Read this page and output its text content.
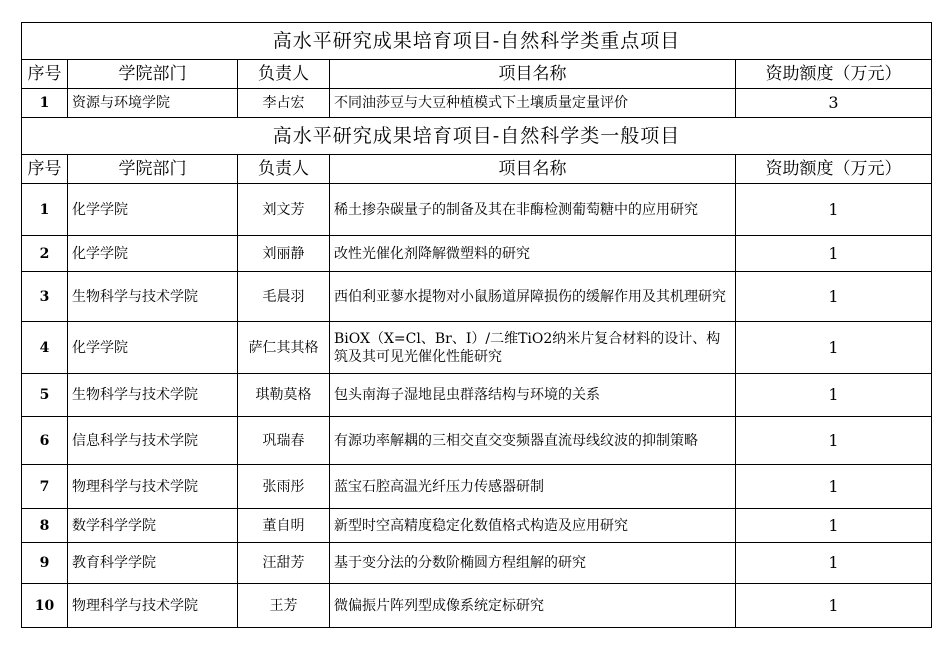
高水平研究成果培育项目-自然科学类重点项目				
序号	学院部门	负责人	项目名称	资助额度（万元）
1	资源与环境学院	李占宏	不同油莎豆与大豆种植模式下土壤质量定量评价	3
高水平研究成果培育项目-自然科学类一般项目				
序号	学院部门	负责人	项目名称	资助额度（万元）
1	化学学院	刘文芳	稀土掺杂碳量子的制备及其在非酶检测葡萄糖中的应用研究	1
2	化学学院	刘丽静	改性光催化剂降解微塑料的研究	1
3	生物科学与技术学院	毛晨羽	西伯利亚蓼水提物对小鼠肠道屏障损伤的缓解作用及其机理研究	1
4	化学学院	萨仁其其格	BiOX（X=Cl、Br、I）/二维TiO2纳米片复合材料的设计、构筑及其可见光催化性能研究	1
5	生物科学与技术学院	琪勒莫格	包头南海子湿地昆虫群落结构与环境的关系	1
6	信息科学与技术学院	巩瑞春	有源功率解耦的三相交直交变频器直流母线纹波的抑制策略	1
7	物理科学与技术学院	张雨彤	蓝宝石腔高温光纤压力传感器研制	1
8	数学科学学院	董自明	新型时空高精度稳定化数值格式构造及应用研究	1
9	教育科学学院	汪甜芳	基于变分法的分数阶椭圆方程组解的研究	1
10	物理科学与技术学院	王芳	微偏振片阵列型成像系统定标研究	1
